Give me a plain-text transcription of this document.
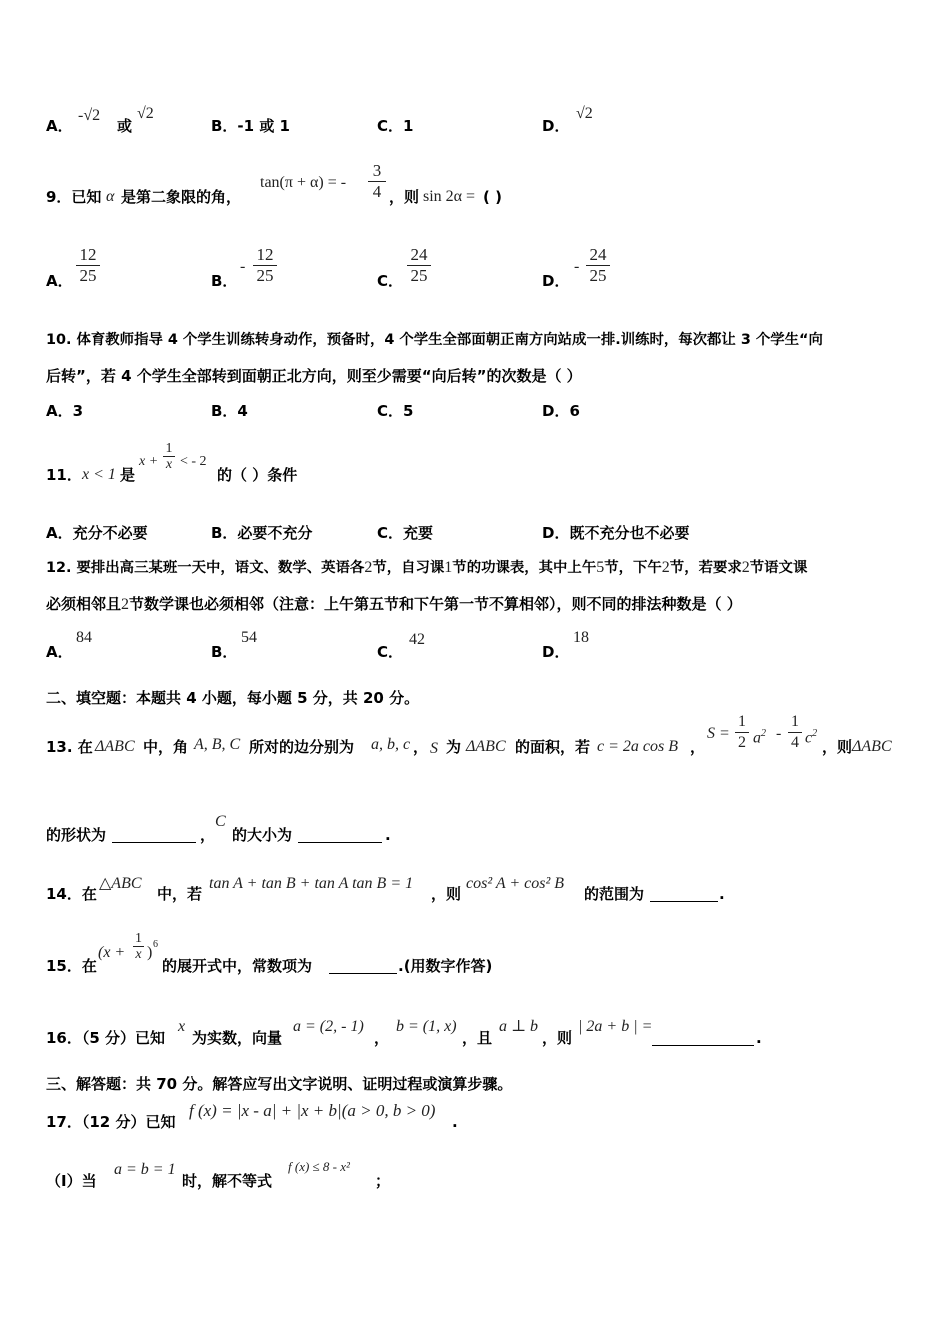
A．
-√2
或
√2
B．-1 或 1	C．1	D．
√2
9．已知 α 是第二象限的角，
tan(π + α) = -
3
4 ，则 sin 2α = ( )
A．
12
25	B．
-
12
25	C．
24
25	D．
-
24
25
10. 体育教师指导 4 个学生训练转身动作，预备时，4 个学生全部面朝正南方向站成一排.训练时，每次都让 3 个学生“向
后转”，若 4 个学生全部转到面朝正北方向，则至少需要“向后转”的次数是（ ）
A．3	B．4	C．5	D．6
11． x < 1 是
x +
1
x < - 2
的（ ）条件
A．充分不必要	B．必要不充分	C．充要	D．既不充分也不必要
12. 要排出高三某班一天中，语文、数学、英语各2节，自习课1节的功课表，其中上午5节，下午2节，若要求2节语文课
必须相邻且2节数学课也必须相邻（注意：上午第五节和下午第一节不算相邻），则不同的排法种数是（ ）
A．
84
B．
54
C．
42
D．
18
二、填空题：本题共 4 小题，每小题 5 分，共 20 分。
13. 在 ΔABC 中，角 A, B, C 所对的边分别为 a, b, c ， S 为 ΔABC 的面积，若 c = 2a cos B ，
S =
1
2 $a^2$ -
1
4 $c^2$
，则 ΔABC
的形状为	，
C
的大小为	.
14．在
△ABC
中，若
tan A + tan B + tan A tan B = 1
，则
cos² A + cos² B
的范围为	.
15．在
(x +
1
x ) 6
的展开式中，常数项为	.(用数字作答)
16．（5 分）已知
x
为实数，向量
a = (2, - 1)
，
b = (1, x)
，且
a ⊥ b
，则
| 2a + b | =
.
三、解答题：共 70 分。解答应写出文字说明、证明过程或演算步骤。
17．（12 分）已知
f (x) = |x - a| + |x + b|(a > 0, b > 0)
.
（Ⅰ）当
a = b = 1
时，解不等式
f (x) ≤ 8 - x²
；
